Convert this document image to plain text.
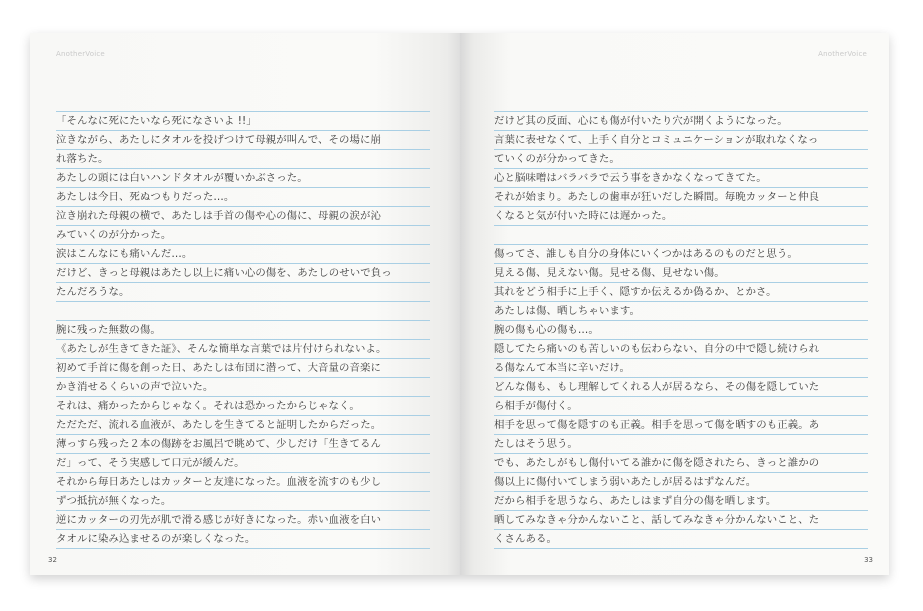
AnotherVoice
「そんなに死にたいなら死になさいよ !!」
泣きながら、あたしにタオルを投げつけて母親が叫んで、その場に崩
れ落ちた。
あたしの頭には白いハンドタオルが覆いかぶさった。
あたしは今日、死ぬつもりだった…。
泣き崩れた母親の横で、あたしは手首の傷や心の傷に、母親の涙が沁
みていくのが分かった。
涙はこんなにも痛いんだ…。
だけど、きっと母親はあたし以上に痛い心の傷を、あたしのせいで負っ
たんだろうな。
腕に残った無数の傷。
《あたしが生きてきた証》、そんな簡単な言葉では片付けられないよ。
初めて手首に傷を創った日、あたしは布団に潜って、大音量の音楽に
かき消せるくらいの声で泣いた。
それは、痛かったからじゃなく。それは恐かったからじゃなく。
ただただ、流れる血液が、あたしを生きてると証明したからだった。
薄っすら残った２本の傷跡をお風呂で眺めて、少しだけ「生きてるん
だ」って、そう実感して口元が緩んだ。
それから毎日あたしはカッターと友達になった。血液を流すのも少し
ずつ抵抗が無くなった。
逆にカッターの刃先が肌で滑る感じが好きになった。赤い血液を白い
タオルに染み込ませるのが楽しくなった。
32
AnotherVoice
だけど其の反面、心にも傷が付いたり穴が開くようになった。
言葉に表せなくて、上手く自分とコミュニケーションが取れなくなっ
ていくのが分かってきた。
心と脳味噌はバラバラで云う事をきかなくなってきてた。
それが始まり。あたしの歯車が狂いだした瞬間。毎晩カッターと仲良
くなると気が付いた時には遅かった。
傷ってさ、誰しも自分の身体にいくつかはあるのものだと思う。
見える傷、見えない傷。見せる傷、見せない傷。
其れをどう相手に上手く、隠すか伝えるか偽るか、とかさ。
あたしは傷、晒しちゃいます。
腕の傷も心の傷も…。
隠してたら痛いのも苦しいのも伝わらない、自分の中で隠し続けられ
る傷なんて本当に辛いだけ。
どんな傷も、もし理解してくれる人が居るなら、その傷を隠していた
ら相手が傷付く。
相手を思って傷を隠すのも正義。相手を思って傷を晒すのも正義。あ
たしはそう思う。
でも、あたしがもし傷付いてる誰かに傷を隠されたら、きっと誰かの
傷以上に傷付いてしまう弱いあたしが居るはずなんだ。
だから相手を思うなら、あたしはまず自分の傷を晒します。
晒してみなきゃ分かんないこと、話してみなきゃ分かんないこと、た
くさんある。
33
